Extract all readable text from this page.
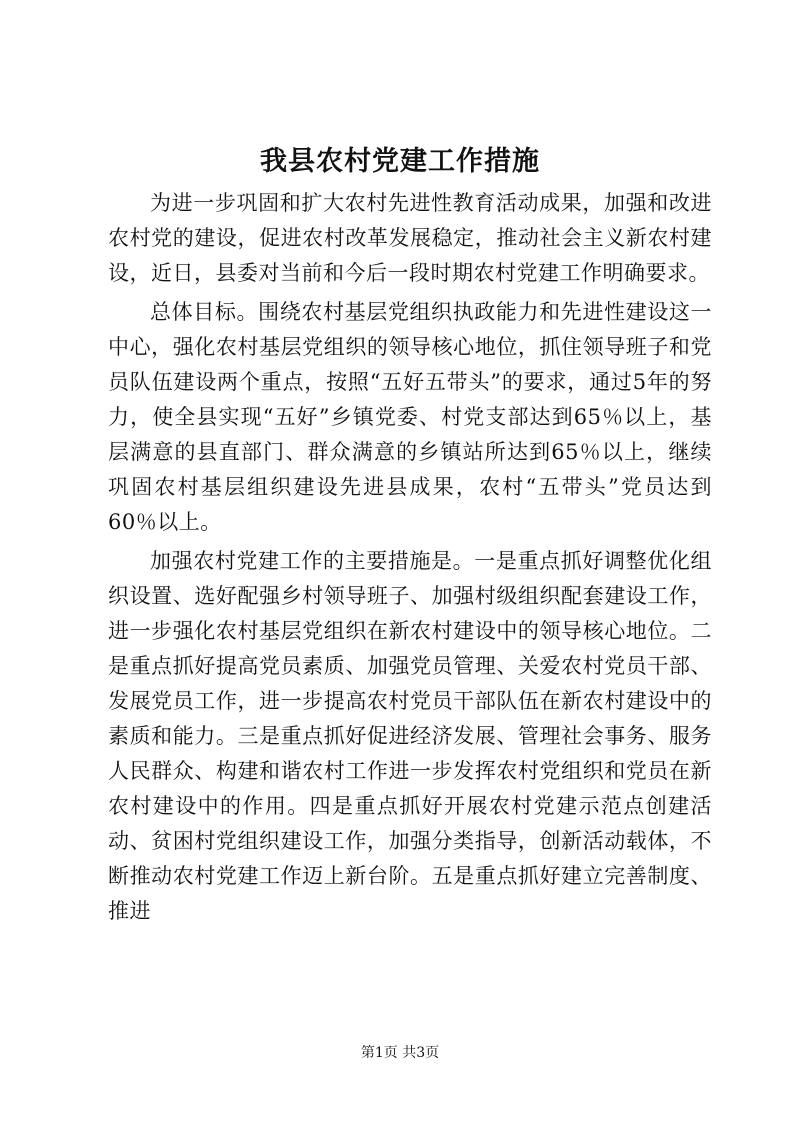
我县农村党建工作措施

为进一步巩固和扩大农村先进性教育活动成果，加强和改进农村党的建设，促进农村改革发展稳定，推动社会主义新农村建设，近日，县委对当前和今后一段时期农村党建工作明确要求。

总体目标。围绕农村基层党组织执政能力和先进性建设这一中心，强化农村基层党组织的领导核心地位，抓住领导班子和党员队伍建设两个重点，按照“五好五带头”的要求，通过5年的努力，使全县实现“五好”乡镇党委、村党支部达到65％以上，基层满意的县直部门、群众满意的乡镇站所达到65％以上，继续巩固农村基层组织建设先进县成果，农村“五带头”党员达到60％以上。

加强农村党建工作的主要措施是。一是重点抓好调整优化组织设置、选好配强乡村领导班子、加强村级组织配套建设工作，进一步强化农村基层党组织在新农村建设中的领导核心地位。二是重点抓好提高党员素质、加强党员管理、关爱农村党员干部、发展党员工作，进一步提高农村党员干部队伍在新农村建设中的素质和能力。三是重点抓好促进经济发展、管理社会事务、服务人民群众、构建和谐农村工作进一步发挥农村党组织和党员在新农村建设中的作用。四是重点抓好开展农村党建示范点创建活动、贫困村党组织建设工作，加强分类指导，创新活动载体，不断推动农村党建工作迈上新台阶。五是重点抓好建立完善制度、推进

第1页 共3页
